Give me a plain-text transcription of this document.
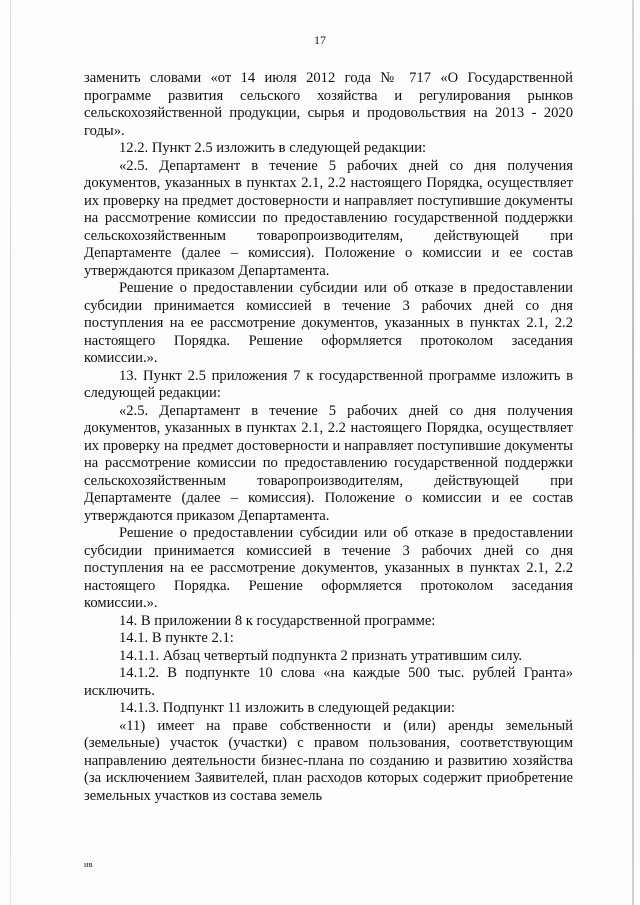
17

заменить словами «от 14 июля 2012 года № 717 «О Государственной программе развития сельского хозяйства и регулирования рынков сельскохозяйственной продукции, сырья и продовольствия на 2013 - 2020 годы».

12.2. Пункт 2.5 изложить в следующей редакции:

«2.5. Департамент в течение 5 рабочих дней со дня получения документов, указанных в пунктах 2.1, 2.2 настоящего Порядка, осуществляет их проверку на предмет достоверности и направляет поступившие документы на рассмотрение комиссии по предоставлению государственной поддержки сельскохозяйственным товаропроизводителям, действующей при Департаменте (далее – комиссия). Положение о комиссии и ее состав утверждаются приказом Департамента.

Решение о предоставлении субсидии или об отказе в предоставлении субсидии принимается комиссией в течение 3 рабочих дней со дня поступления на ее рассмотрение документов, указанных в пунктах 2.1, 2.2 настоящего Порядка. Решение оформляется протоколом заседания комиссии.».

13. Пункт 2.5 приложения 7 к государственной программе изложить в следующей редакции:

«2.5. Департамент в течение 5 рабочих дней со дня получения документов, указанных в пунктах 2.1, 2.2 настоящего Порядка, осуществляет их проверку на предмет достоверности и направляет поступившие документы на рассмотрение комиссии по предоставлению государственной поддержки сельскохозяйственным товаропроизводителям, действующей при Департаменте (далее – комиссия). Положение о комиссии и ее состав утверждаются приказом Департамента.

Решение о предоставлении субсидии или об отказе в предоставлении субсидии принимается комиссией в течение 3 рабочих дней со дня поступления на ее рассмотрение документов, указанных в пунктах 2.1, 2.2 настоящего Порядка. Решение оформляется протоколом заседания комиссии.».

14. В приложении 8 к государственной программе:

14.1. В пункте 2.1:

14.1.1. Абзац четвертый подпункта 2 признать утратившим силу.

14.1.2. В подпункте 10 слова «на каждые 500 тыс. рублей Гранта» исключить.

14.1.3. Подпункт 11 изложить в следующей редакции:

«11) имеет на праве собственности и (или) аренды земельный (земельные) участок (участки) с правом пользования, соответствующим направлению деятельности бизнес-плана по созданию и развитию хозяйства (за исключением Заявителей, план расходов которых содержит приобретение земельных участков из состава земель

ив
